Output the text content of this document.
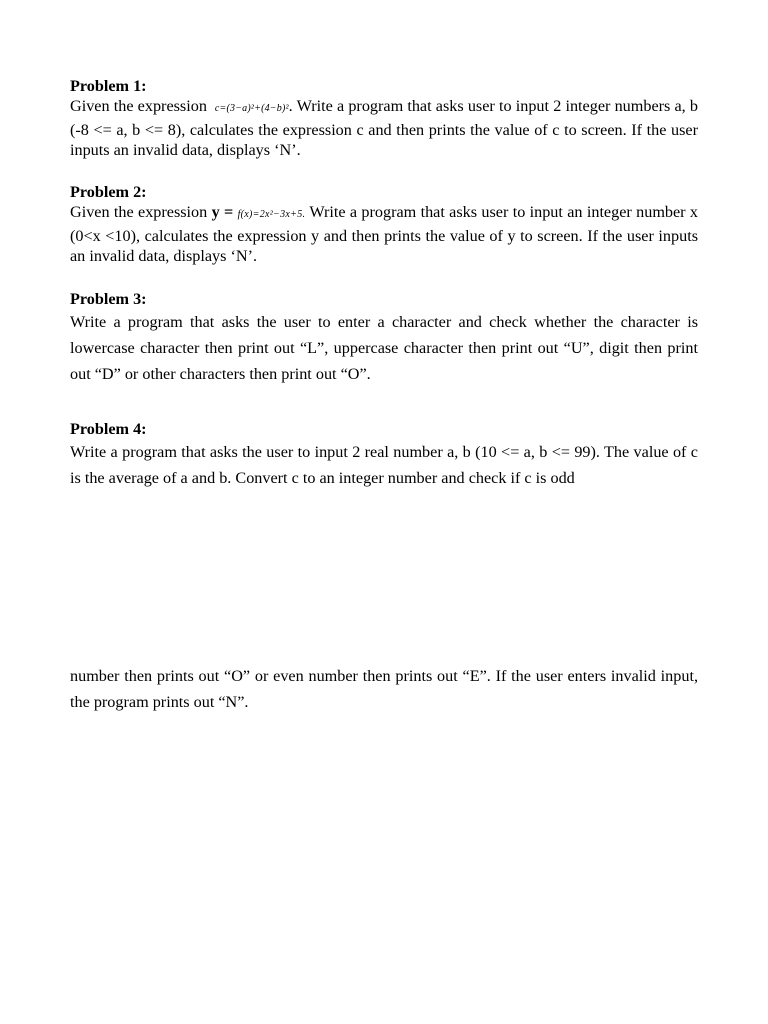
Problem 1:
Given the expression c=(3−a)²+(4−b)². Write a program that asks user to input 2 integer numbers a, b (-8 <= a, b <= 8), calculates the expression c and then prints the value of c to screen. If the user inputs an invalid data, displays ‘N’.
Problem 2:
Given the expression y = f(x)=2x²−3x+5. Write a program that asks user to input an integer number x (0<x <10), calculates the expression y and then prints the value of y to screen. If the user inputs an invalid data, displays ‘N’.
Problem 3:
Write a program that asks the user to enter a character and check whether the character is lowercase character then print out “L”, uppercase character then print out “U”, digit then print out “D” or other characters then print out “O”.
Problem 4:
Write a program that asks the user to input 2 real number a, b (10 <= a, b <= 99). The value of c is the average of a and b. Convert c to an integer number and check if c is odd
number then prints out “O” or even number then prints out “E”. If the user enters invalid input, the program prints out “N”.
